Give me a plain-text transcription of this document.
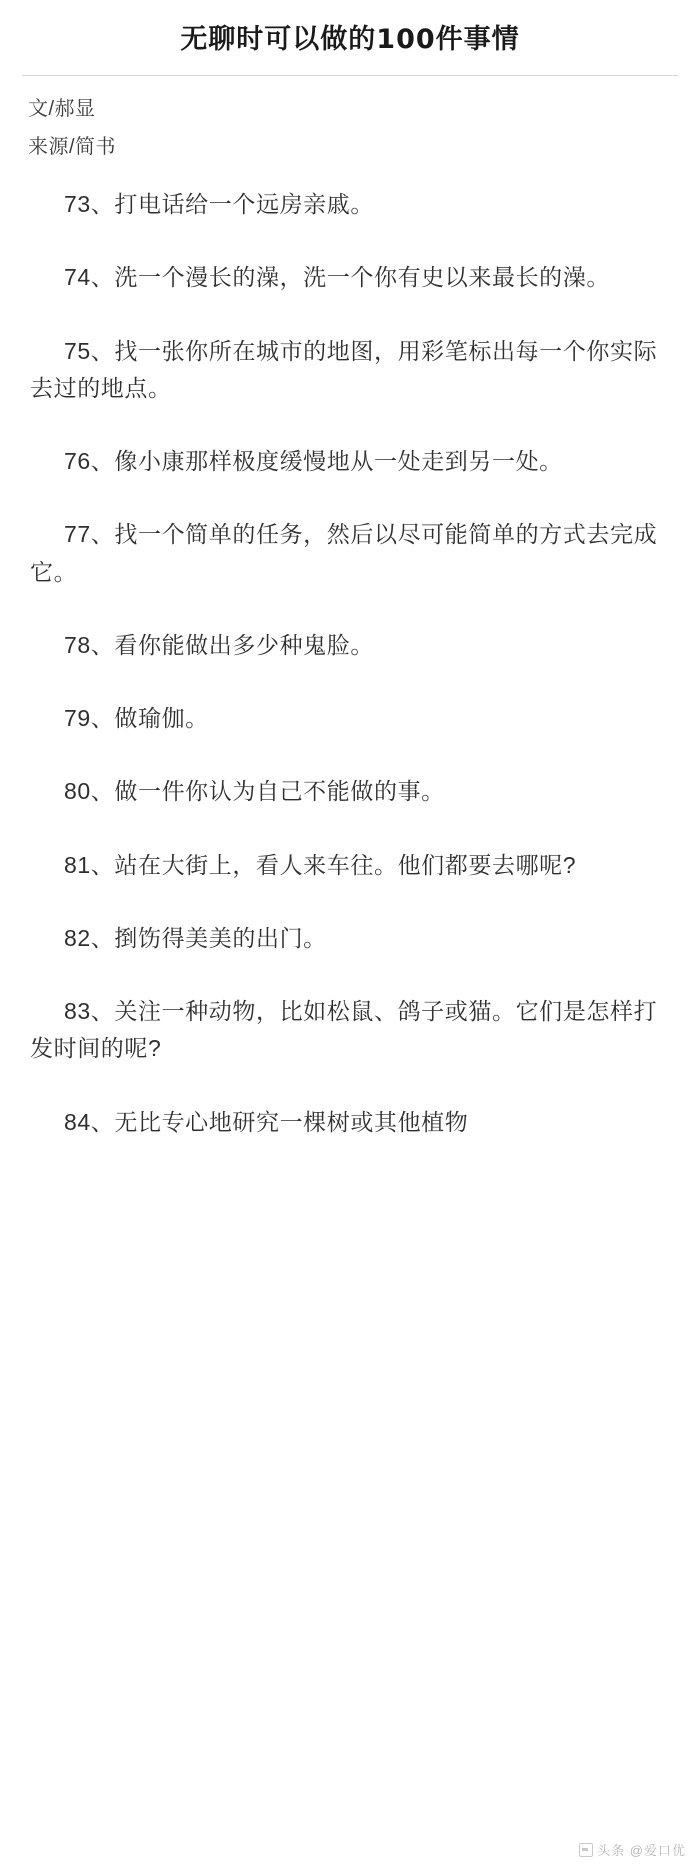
无聊时可以做的100件事情
文/郝显
来源/简书

73、打电话给一个远房亲戚。

74、洗一个漫长的澡，洗一个你有史以来最长的澡。

75、找一张你所在城市的地图，用彩笔标出每一个你实际去过的地点。

76、像小康那样极度缓慢地从一处走到另一处。

77、找一个简单的任务，然后以尽可能简单的方式去完成它。

78、看你能做出多少种鬼脸。

79、做瑜伽。

80、做一件你认为自己不能做的事。

81、站在大街上，看人来车往。他们都要去哪呢?

82、捯饬得美美的出门。

83、关注一种动物，比如松鼠、鸽子或猫。它们是怎样打发时间的呢?

84、无比专心地研究一棵树或其他植物

头条 @爱口优
